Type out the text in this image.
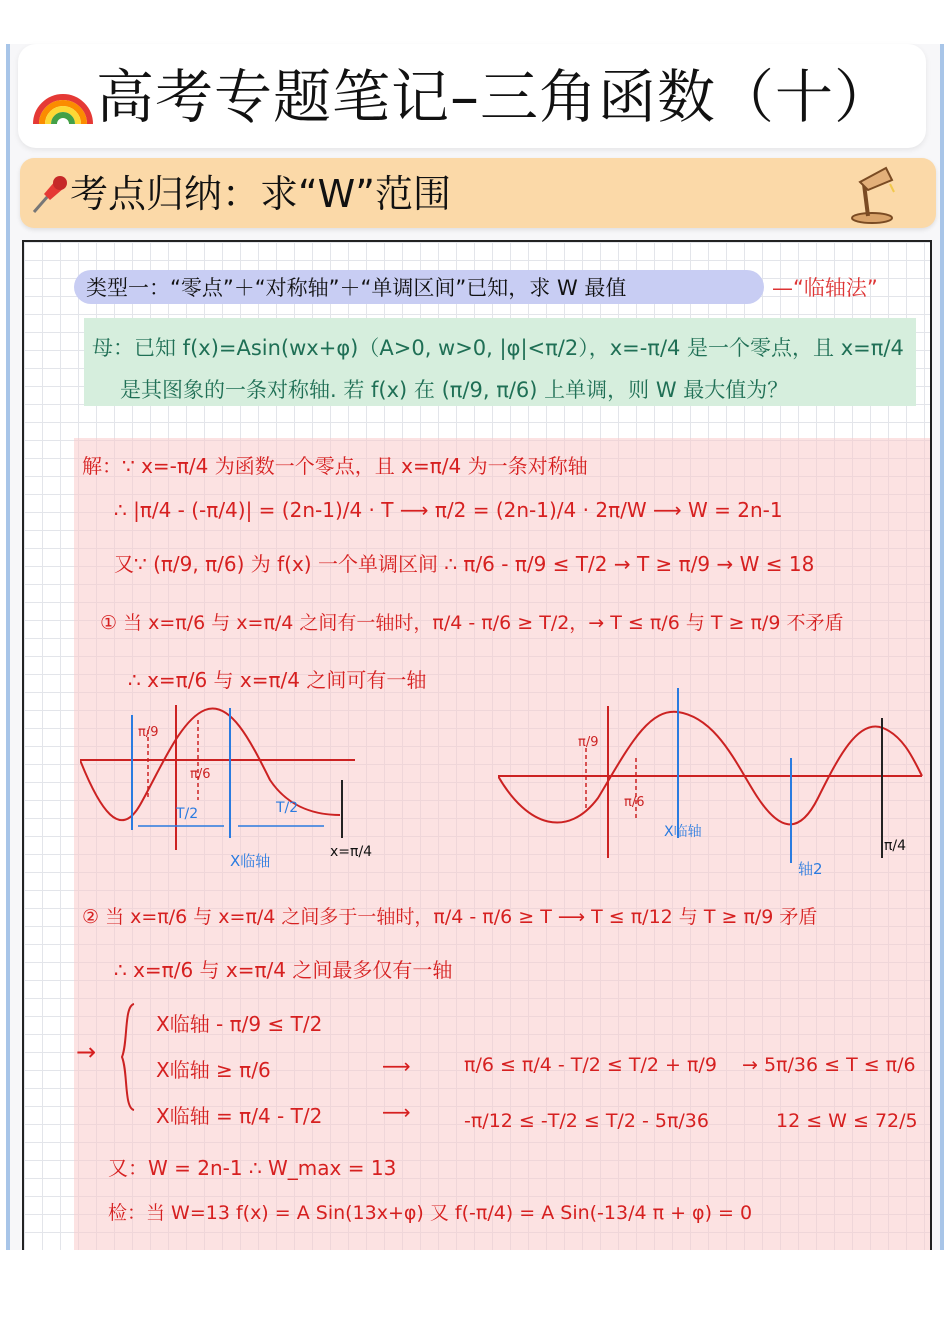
高考专题笔记–三角函数（十）
考点归纳：求“W”范围
类型一：“零点”＋“对称轴”＋“单调区间”已知，求 W 最值	—“临轴法”
母：已知 f(x)=Asin(wx+φ)（A>0, w>0, |φ|<π/2），x=-π/4 是一个零点，且 x=π/4
是其图象的一条对称轴. 若 f(x) 在 (π/9, π/6) 上单调，则 W 最大值为？
解：∵ x=-π/4 为函数一个零点，且 x=π/4 为一条对称轴
∴ |π/4 - (-π/4)| = (2n-1)/4 · T ⟶ π/2 = (2n-1)/4 · 2π/W ⟶ W = 2n-1
又∵ (π/9, π/6) 为 f(x) 一个单调区间 ∴ π/6 - π/9 ≤ T/2 → T ≥ π/9 → W ≤ 18
① 当 x=π/6 与 x=π/4 之间有一轴时，π/4 - π/6 ≥ T/2，→ T ≤ π/6 与 T ≥ π/9 不矛盾
∴ x=π/6 与 x=π/4 之间可有一轴
π/9
π/6
T/2	T/2
x=π/4
X临轴
π/9
π/6
X临轴
轴2
π/4
② 当 x=π/6 与 x=π/4 之间多于一轴时，π/4 - π/6 ≥ T ⟶ T ≤ π/12 与 T ≥ π/9 矛盾
∴ x=π/6 与 x=π/4 之间最多仅有一轴
→
X临轴 - π/9 ≤ T/2
X临轴 ≥ π/6
X临轴 = π/4 - T/2
⟶
⟶
π/6 ≤ π/4 - T/2 ≤ T/2 + π/9
-π/12 ≤ -T/2 ≤ T/2 - 5π/36
→ 5π/36 ≤ T ≤ π/6
12 ≤ W ≤ 72/5
又：W = 2n-1 ∴ W_max = 13
检：当 W=13 f(x) = A Sin(13x+φ) 又 f(-π/4) = A Sin(-13/4 π + φ) = 0
